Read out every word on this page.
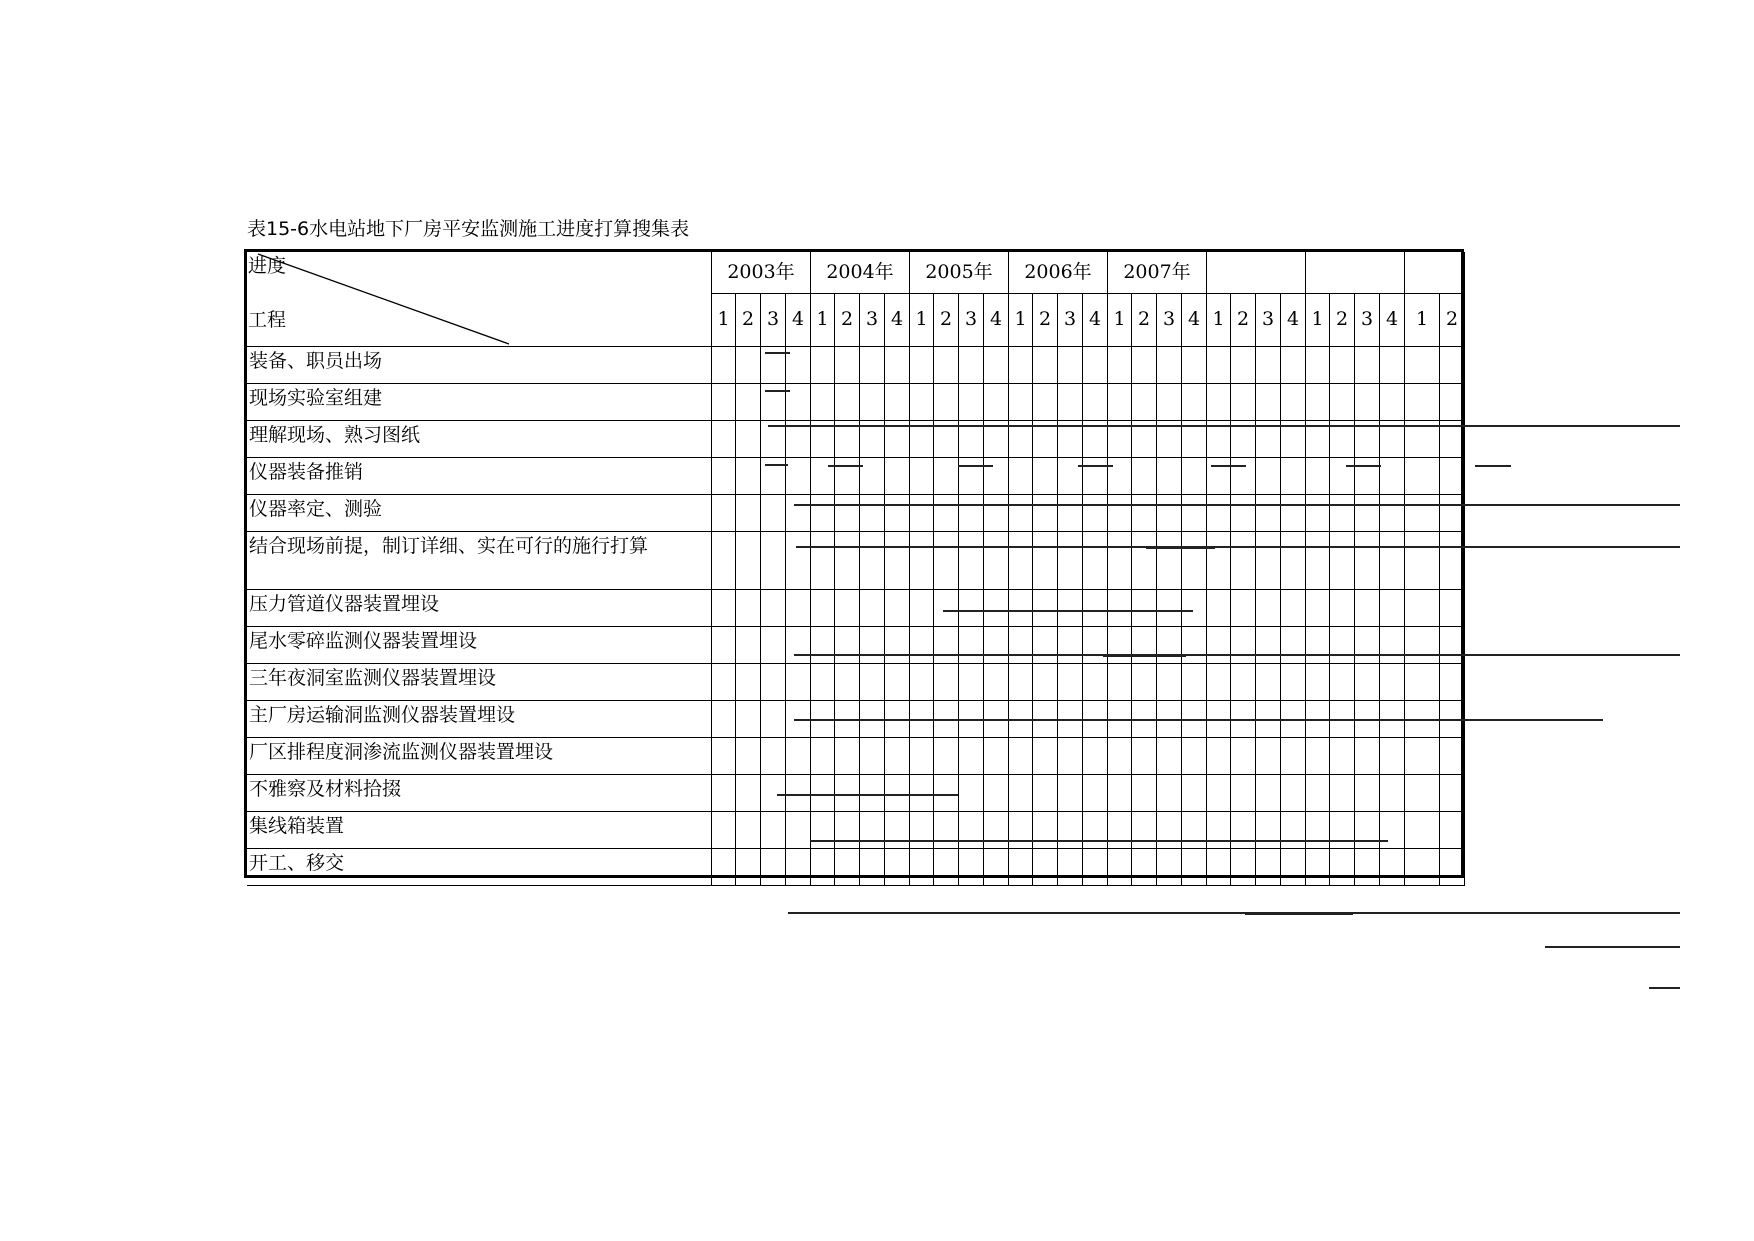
表15-6水电站地下厂房平安监测施工进度打算搜集表
进度
工程
2003年	2004年	2005年	2006年	2007年
1 2 3 4 1 2 3 4 1 2 3 4 1 2 3 4 1 2 3 4 1 2 3 4 1 2 3 4 1 2
装备、职员出场
现场实验室组建
理解现场、熟习图纸
仪器装备推销
仪器率定、测验
结合现场前提，制订详细、实在可行的施行打算
压力管道仪器装置埋设
尾水零碎监测仪器装置埋设
三年夜洞室监测仪器装置埋设
主厂房运输洞监测仪器装置埋设
厂区排程度洞渗流监测仪器装置埋设
不雅察及材料拾掇
集线箱装置
开工、移交
